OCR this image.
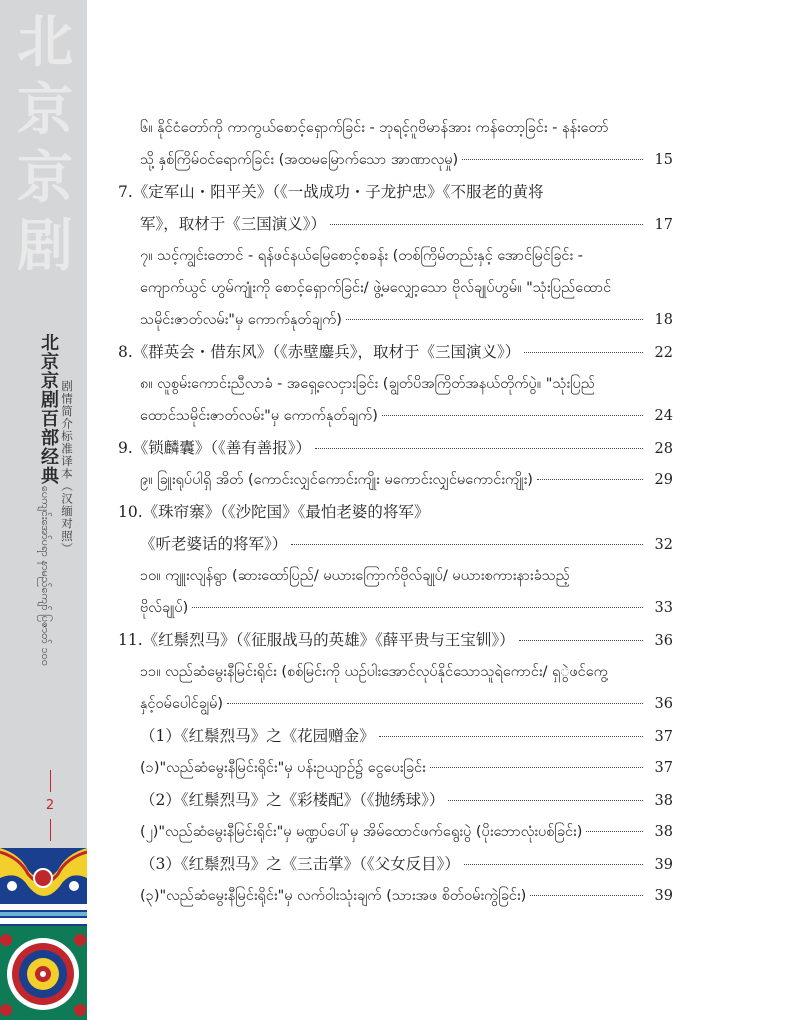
北
京
京
剧
北京京剧百部经典 剧情简介标准译本（汉缅对照）
ပေကျင်းအော်ပရာ နာမည်ကျော် ပြဇာတ် ၁၀၀
2
၆။ နိုင်ငံတော်ကို ကာကွယ်စောင့်ရှောက်ခြင်း - ဘုရင့်ဂူဗိမာန်အား ကန်တော့ခြင်း - နန်းတော်
သို့ နှစ်ကြိမ်ဝင်ရောက်ခြင်း (အထမမြောက်သော အာဏာလုမှု)	15
7.《定军山・阳平关》（《一战成功・子龙护忠》《不服老的黄将
军》，取材于《三国演义》）	17
၇။ သင့်ကျွင်းတောင် - ရန်ဖင်နယ်မြေစောင့်စခန်း (တစ်ကြိမ်တည်းနှင့် အောင်မြင်ခြင်း -
ကျောက်ယွင် ဟွမ်ကျုံးကို စောင့်ရှောက်ခြင်း/ ဖွဲ့မလျှော့သော ဗိုလ်ချုပ်ဟွမ်။ "သုံးပြည်ထောင်
သမိုင်းဇာတ်လမ်း"မှ ကောက်နုတ်ချက်)	18
8.《群英会・借东风》（《赤壁鏖兵》，取材于《三国演义》）	22
၈။ လူစွမ်းကောင်းညီလာခံ - အရှေ့လေငှားခြင်း (ချွတ်ပိအကြိတ်အနယ်တိုက်ပွဲ။ "သုံးပြည်
ထောင်သမိုင်းဇာတ်လမ်း"မှ ကောက်နုတ်ချက်)	24
9.《锁麟囊》（《善有善报》）	28
၉။ ခြူးရုပ်ပါရှိ အိတ် (ကောင်းလျှင်ကောင်းကျိုး မကောင်းလျှင်မကောင်းကျိုး)	29
10.《珠帘寨》（《沙陀国》《最怕老婆的将军》
《听老婆话的将军》）	32
၁၀။ ကျူးလျန်ရွာ (ဆားထော်ပြည်/ မယားကြောက်ဗိုလ်ချုပ်/ မယားစကားနားခံသည့်
ဗိုလ်ချုပ်)	33
11.《红鬃烈马》（《征服战马的英雄》《薛平贵与王宝钏》）	36
၁၁။ လည်ဆံမွေးနီမြင်းရိုင်း (စစ်မြင်းကို ယဉ်ပါးအောင်လုပ်နိုင်သောသူရဲကောင်း/ ရှွဲဖင်ကွေ့
နှင့်ဝမ်ပေါင်ချွမ်)	36
（1）《红鬃烈马》之《花园赠金》	37
(၁)"လည်ဆံမွေးနီမြင်းရိုင်း"မှ ပန်းဥယျာဉ်၌ ငွေပေးခြင်း	37
（2）《红鬃烈马》之《彩楼配》（《抛绣球》）	38
(၂)"လည်ဆံမွေးနီမြင်းရိုင်း"မှ မဏ္ဍပ်ပေါ်မှ အိမ်ထောင်ဖက်ရွေးပွဲ (ပိုးဘောလုံးပစ်ခြင်း)	38
（3）《红鬃烈马》之《三击掌》（《父女反目》）	39
(၃)"လည်ဆံမွေးနီမြင်းရိုင်း"မှ လက်ဝါးသုံးချက် (သားအဖ စိတ်ဝမ်းကွဲခြင်း)	39
